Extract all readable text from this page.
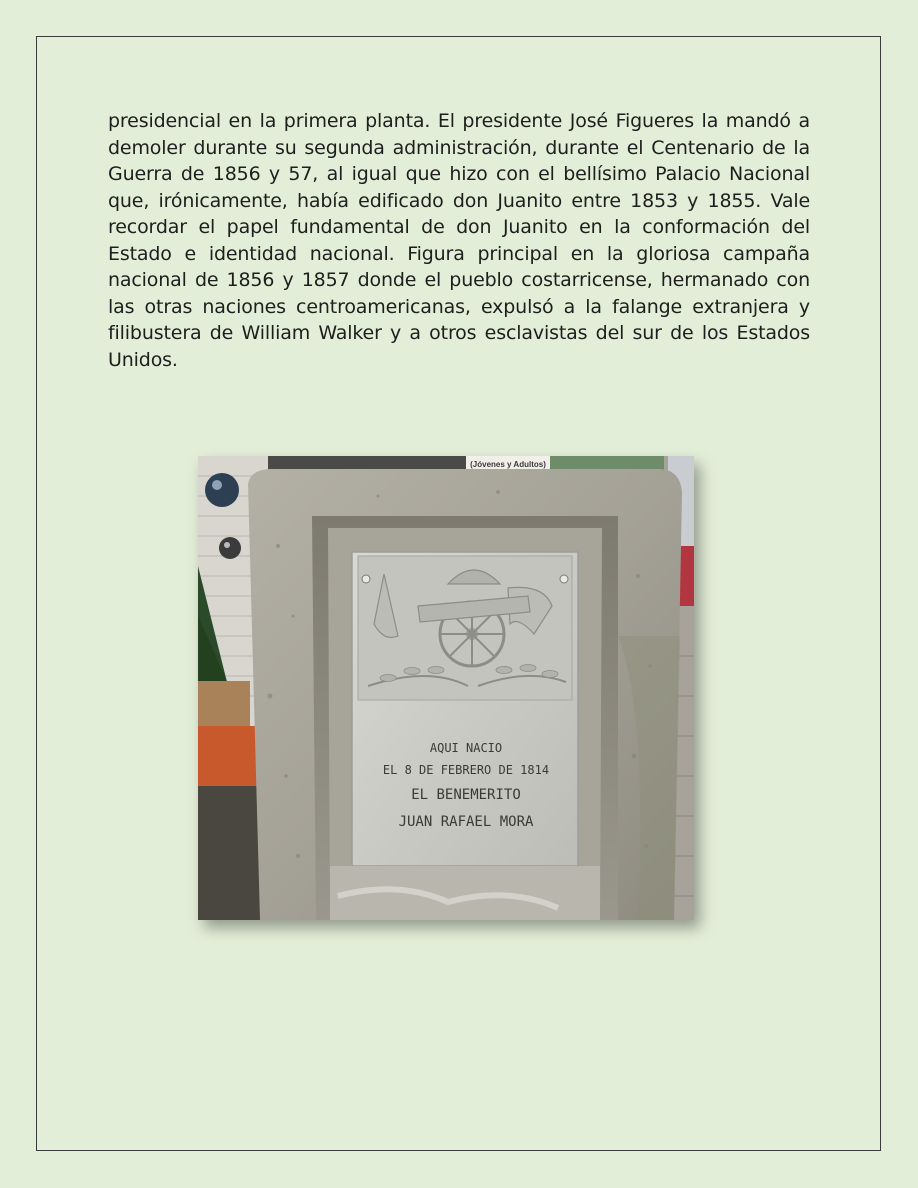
presidencial en la primera planta. El presidente José Figueres la mandó a demoler durante su segunda administración, durante el Centenario de la Guerra de 1856 y 57, al igual que hizo con el bellísimo Palacio Nacional que, irónicamente, había edificado don Juanito entre 1853 y 1855. Vale recordar el papel fundamental de don Juanito en la conformación del Estado e identidad nacional. Figura principal en la gloriosa campaña nacional de 1856 y 1857 donde el pueblo costarricense, hermanado con las otras naciones centroamericanas, expulsó a la falange extranjera y filibustera de William Walker y a otros esclavistas del sur de los Estados Unidos.

(Jóvenes y Adultos)
AQUI NACIO
EL 8 DE FEBRERO DE 1814
EL BENEMERITO
JUAN RAFAEL MORA
